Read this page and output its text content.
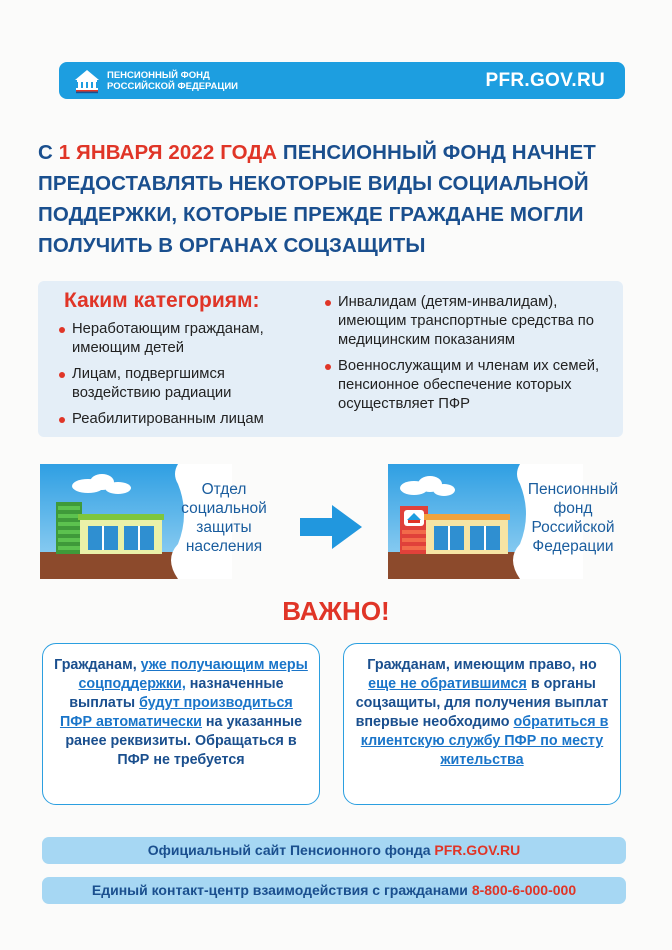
ПЕНСИОННЫЙ ФОНД
РОССИЙСКОЙ ФЕДЕРАЦИИ	PFR.GOV.RU

С 1 ЯНВАРЯ 2022 ГОДА ПЕНСИОННЫЙ ФОНД НАЧНЕТ ПРЕДОСТАВЛЯТЬ НЕКОТОРЫЕ ВИДЫ СОЦИАЛЬНОЙ ПОДДЕРЖКИ, КОТОРЫЕ ПРЕЖДЕ ГРАЖДАНЕ МОГЛИ ПОЛУЧИТЬ В ОРГАНАХ СОЦЗАЩИТЫ

Каким категориям:

Неработающим гражданам, имеющим детей
Лицам, подвергшимся воздействию радиации
Реабилитированным лицам
Инвалидам (детям-инвалидам), имеющим транспортные средства по медицинским показаниям
Военнослужащим и членам их семей, пенсионное обеспечение которых осуществляет ПФР
Отдел
социальной
защиты
населения
Пенсионный
фонд
Российской
Федерации

ВАЖНО!

Гражданам, уже получающим меры соцподдержки, назначенные выплаты будут производиться ПФР автоматически на указанные ранее реквизиты. Обращаться в ПФР не требуется
Гражданам, имеющим право, но еще не обратившимся в органы соцзащиты, для получения выплат впервые необходимо обратиться в клиентскую службу ПФР по месту жительства
Официальный сайт Пенсионного фонда PFR.GOV.RU
Единый контакт-центр взаимодействия с гражданами 8-800-6-000-000
